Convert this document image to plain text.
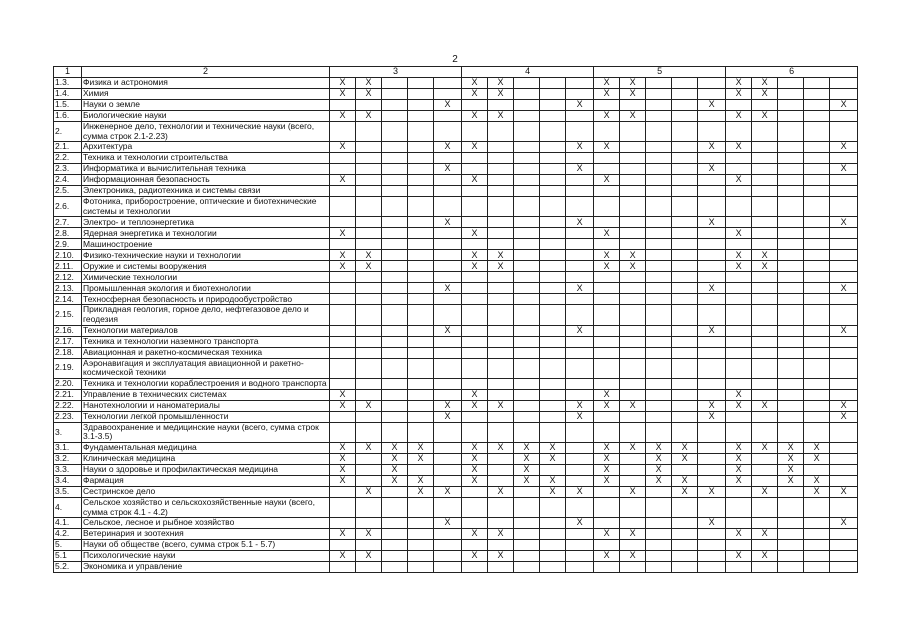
2
1	2	3					4					5					6				
1.3.	Физика и астрономия	X	X				X	X				X	X				X	X			
1.4.	Химия	X	X				X	X				X	X				X	X			
1.5.	Науки о земле					X					X					X					X
1.6.	Биологические науки	X	X				X	X				X	X				X	X			
2.	Инженерное дело, технологии и технические науки (всего, сумма строк 2.1-2.23)																				
2.1.	Архитектура	X				X	X				X	X				X	X				X
2.2.	Техника и технологии строительства																				
2.3.	Информатика и вычислительная техника					X					X					X					X
2.4.	Информационная безопасность	X					X					X					X				
2.5.	Электроника, радиотехника и системы связи																				
2.6.	Фотоника, приборостроение, оптические и биотехнические системы и технологии																				
2.7.	Электро- и теплоэнергетика					X					X					X					X
2.8.	Ядерная энергетика и технологии	X					X					X					X				
2.9.	Машиностроение																				
2.10.	Физико-технические науки и технологии	X	X				X	X				X	X				X	X			
2.11.	Оружие и системы вооружения	X	X				X	X				X	X				X	X			
2.12.	Химические технологии																				
2.13.	Промышленная экология и биотехнологии					X					X					X					X
2.14.	Техносферная безопасность и природообустройство																				
2.15.	Прикладная геология, горное дело, нефтегазовое дело и геодезия																				
2.16.	Технологии материалов					X					X					X					X
2.17.	Техника и технологии наземного транспорта																				
2.18.	Авиационная и ракетно-космическая техника																				
2.19.	Аэронавигация и эксплуатация авиационной и ракетно-космической техники																				
2.20.	Техника и технологии кораблестроения и водного транспорта																				
2.21.	Управление в технических системах	X					X					X					X				
2.22.	Нанотехнологии и наноматериалы	X	X			X	X	X			X	X	X			X	X	X			X
2.23.	Технологии легкой промышленности					X					X					X					X
3.	Здравоохранение и медицинские науки (всего, сумма строк 3.1-3.5)																				
3.1.	Фундаментальная медицина	X	X	X	X		X	X	X	X		X	X	X	X		X	X	X	X	
3.2.	Клиническая медицина	X		X	X		X		X	X		X		X	X		X		X	X	
3.3.	Науки о здоровье и профилактическая медицина	X		X			X		X			X		X			X		X		
3.4.	Фармация	X		X	X		X		X	X		X		X	X		X		X	X	
3.5.	Сестринское дело		X		X	X		X		X	X		X		X	X		X		X	X
4.	Сельское хозяйство и сельскохозяйственные науки (всего, сумма строк 4.1 - 4.2)																				
4.1.	Сельское, лесное и рыбное хозяйство					X					X					X					X
4.2.	Ветеринария и зоотехния	X	X				X	X				X	X				X	X			
5.	Науки об обществе (всего, сумма строк 5.1 - 5.7)																				
5.1	Психологические науки	X	X				X	X				X	X				X	X			
5.2.	Экономика и управление																				
